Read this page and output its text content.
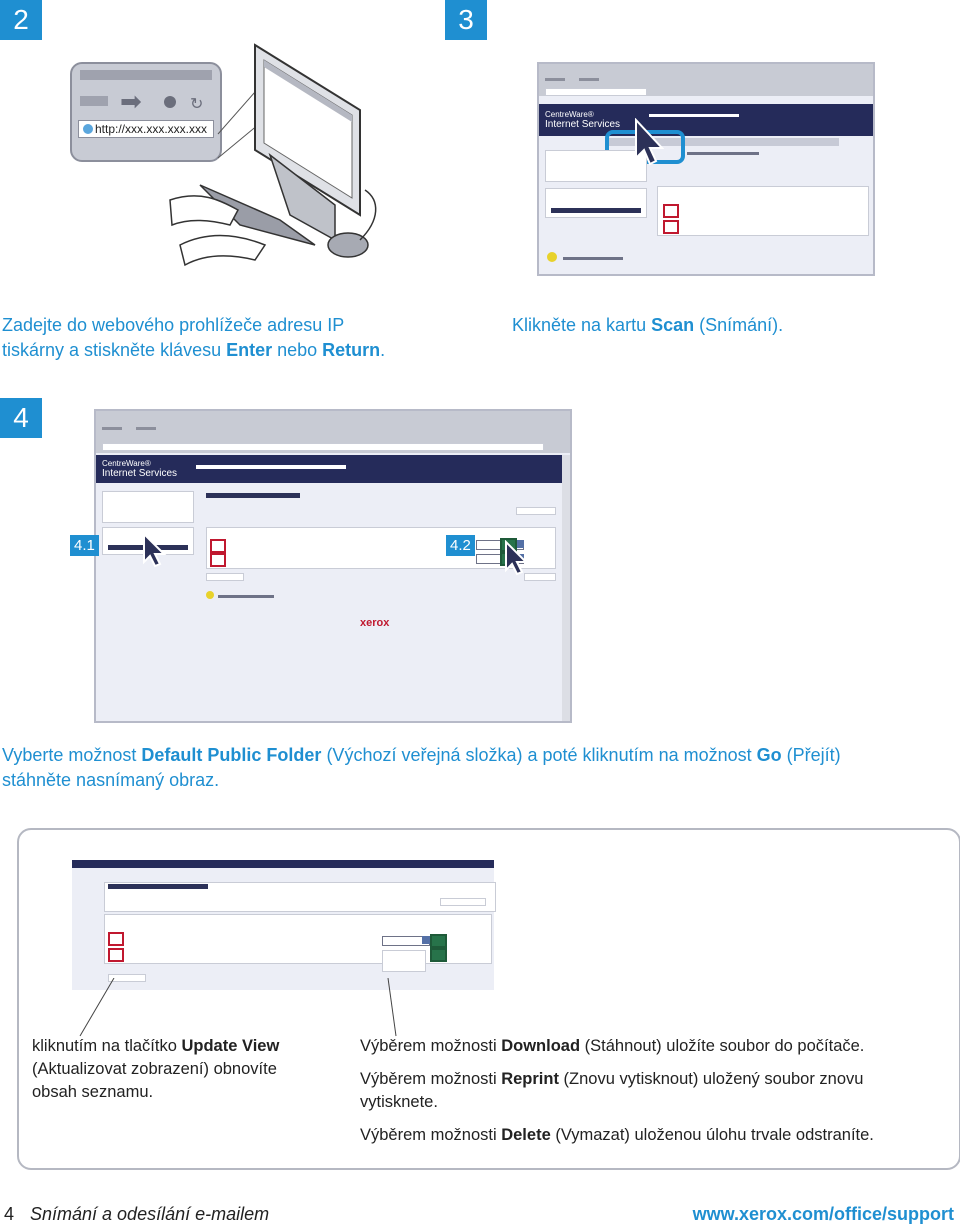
2
➡	↻
http://xxx.xxx.xxx.xxx
Zadejte do webového prohlížeče adresu IP
tiskárny a stiskněte klávesu Enter nebo Return.
3
CentreWare®
Internet Services
Klikněte na kartu Scan (Snímání).
4
CentreWare®
Internet Services
xerox
4.1	4.2
Vyberte možnost Default Public Folder (Výchozí veřejná složka) a poté kliknutím na možnost Go (Přejít)
stáhněte nasnímaný obraz.
kliknutím na tlačítko Update View
(Aktualizovat zobrazení) obnovíte
obsah seznamu.
Výběrem možnosti Download (Stáhnout) uložíte soubor do počítače.
Výběrem možnosti Reprint (Znovu vytisknout) uložený soubor znovu
vytisknete.
Výběrem možnosti Delete (Vymazat) uloženou úlohu trvale odstraníte.
4 Snímání a odesílání e-mailem	www.xerox.com/office/support
